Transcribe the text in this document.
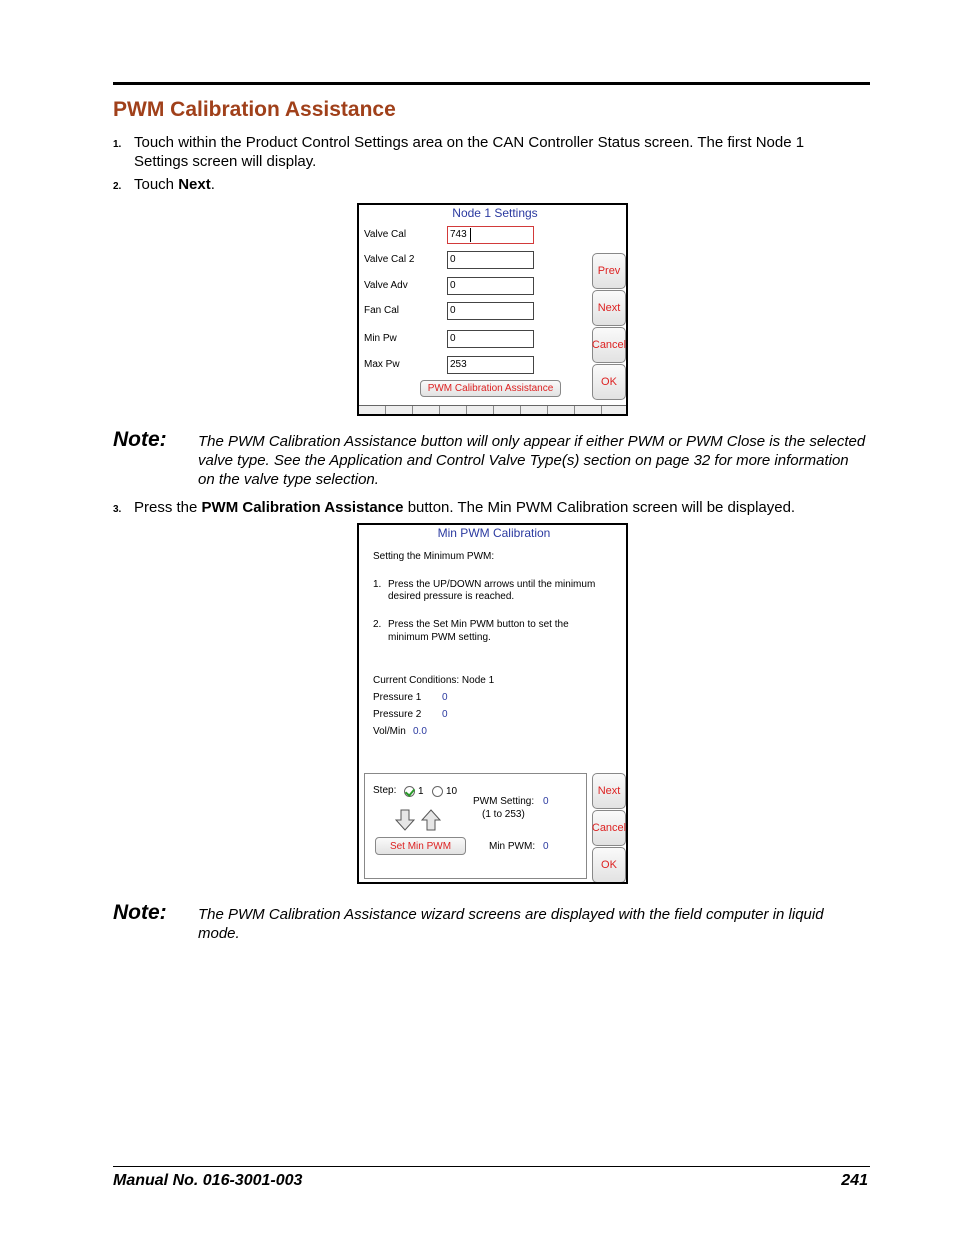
PWM Calibration Assistance
1. Touch within the Product Control Settings area on the CAN Controller Status screen. The first Node 1 Settings screen will display.
2. Touch Next.
Node 1 Settings
Valve Cal	743
Valve Cal 2	0
Valve Adv	0
Fan Cal	0
Min Pw	0
Max Pw	253
PWM Calibration Assistance
Prev
Next
Cancel
OK
Note: The PWM Calibration Assistance button will only appear if either PWM or PWM Close is the selected valve type. See the Application and Control Valve Type(s) section on page 32 for more information on the valve type selection.
3. Press the PWM Calibration Assistance button. The Min PWM Calibration screen will be displayed.
Min PWM Calibration
Setting the Minimum PWM:
1. Press the UP/DOWN arrows until the minimum
desired pressure is reached.
2. Press the Set Min PWM button to set the
minimum PWM setting.
Current Conditions: Node 1
Pressure 1 0
Pressure 2 0
Vol/Min 0.0
Step: 1 10
Set Min PWM
PWM Setting: 0
(1 to 253)
Min PWM: 0
Next
Cancel
OK
Note: The PWM Calibration Assistance wizard screens are displayed with the field computer in liquid mode.
Manual No. 016-3001-003	241
